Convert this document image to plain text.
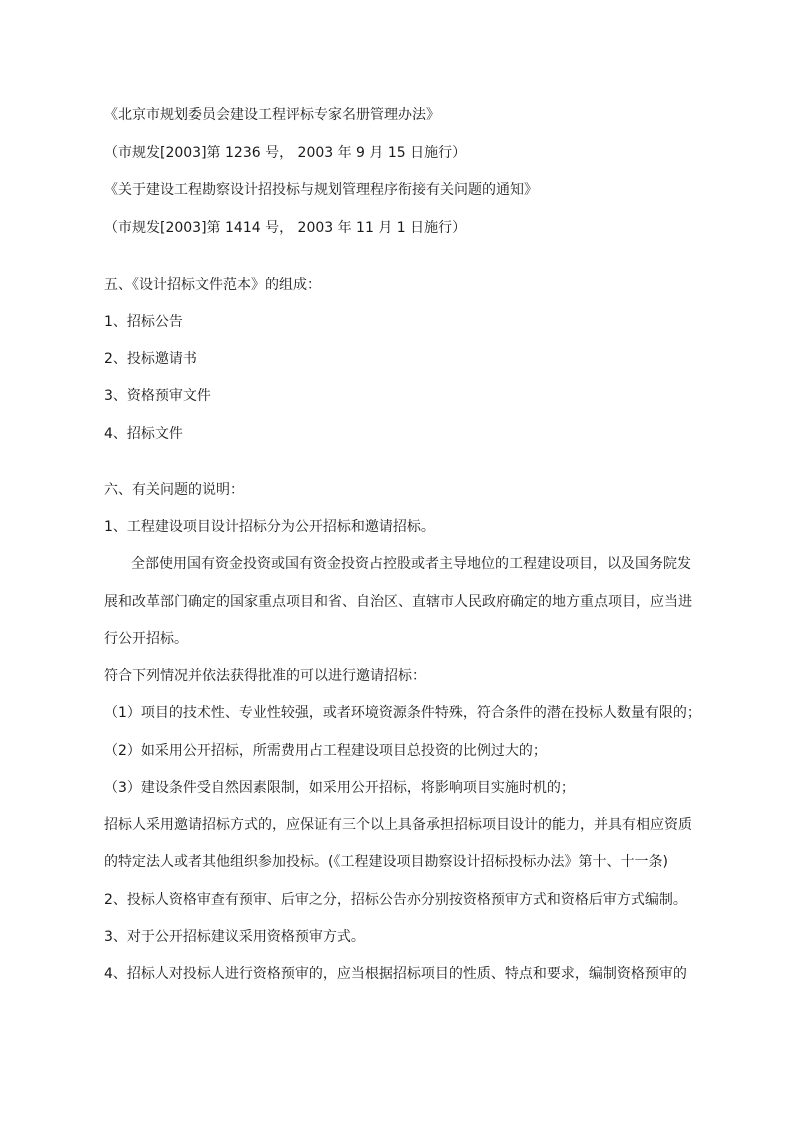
《北京市规划委员会建设工程评标专家名册管理办法》
（市规发[2003]第 1236 号， 2003 年 9 月 15 日施行）
《关于建设工程勘察设计招投标与规划管理程序衔接有关问题的通知》
（市规发[2003]第 1414 号， 2003 年 11 月 1 日施行）
五、《设计招标文件范本》的组成：
1、招标公告
2、投标邀请书
3、资格预审文件
4、招标文件
六、有关问题的说明：
1、工程建设项目设计招标分为公开招标和邀请招标。
全部使用国有资金投资或国有资金投资占控股或者主导地位的工程建设项目，以及国务院发
展和改革部门确定的国家重点项目和省、自治区、直辖市人民政府确定的地方重点项目，应当进
行公开招标。
符合下列情况并依法获得批准的可以进行邀请招标：
（1）项目的技术性、专业性较强，或者环境资源条件特殊，符合条件的潜在投标人数量有限的；
（2）如采用公开招标，所需费用占工程建设项目总投资的比例过大的；
（3）建设条件受自然因素限制，如采用公开招标，将影响项目实施时机的；
招标人采用邀请招标方式的，应保证有三个以上具备承担招标项目设计的能力，并具有相应资质
的特定法人或者其他组织参加投标。(《工程建设项目勘察设计招标投标办法》第十、十一条)
2、投标人资格审查有预审、后审之分，招标公告亦分别按资格预审方式和资格后审方式编制。
3、对于公开招标建议采用资格预审方式。
4、招标人对投标人进行资格预审的，应当根据招标项目的性质、特点和要求，编制资格预审的
